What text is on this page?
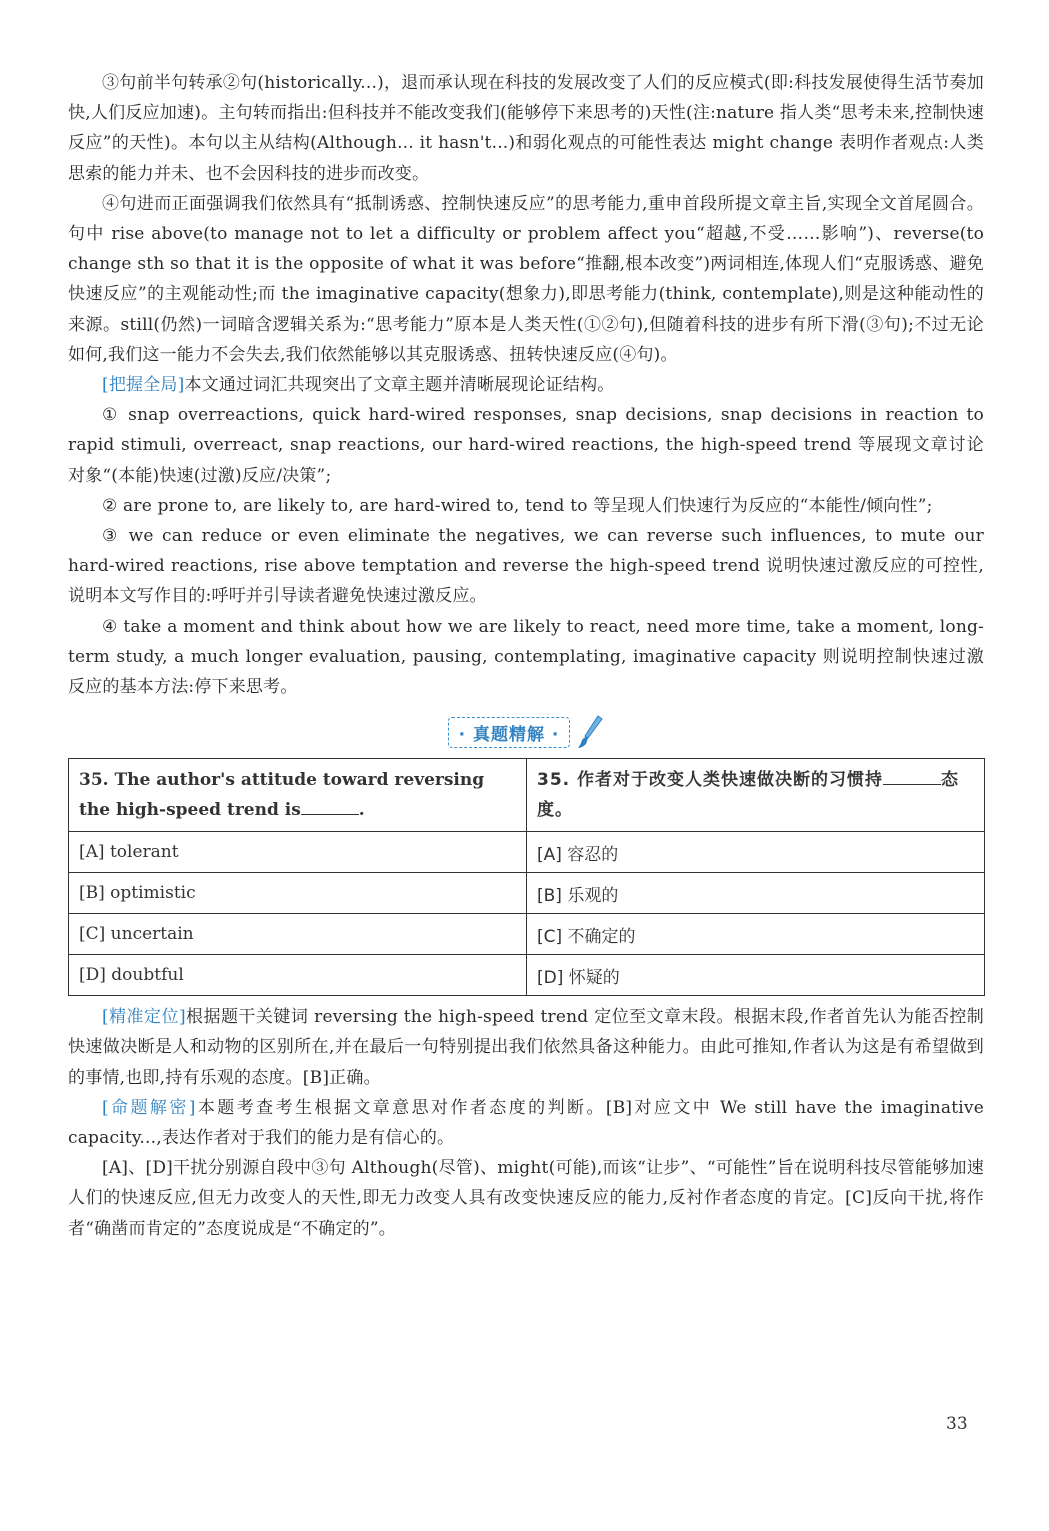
③句前半句转承②句(historically...)，退而承认现在科技的发展改变了人们的反应模式(即:科技发展使得生活节奏加快,人们反应加速)。主句转而指出:但科技并不能改变我们(能够停下来思考的)天性(注:nature 指人类“思考未来,控制快速反应”的天性)。本句以主从结构(Although... it hasn't...)和弱化观点的可能性表达 might change 表明作者观点:人类思索的能力并未、也不会因科技的进步而改变。

④句进而正面强调我们依然具有“抵制诱惑、控制快速反应”的思考能力,重申首段所提文章主旨,实现全文首尾圆合。句中 rise above(to manage not to let a difficulty or problem affect you“超越,不受……影响”)、reverse(to change sth so that it is the opposite of what it was before“推翻,根本改变”)两词相连,体现人们“克服诱惑、避免快速反应”的主观能动性;而 the imaginative capacity(想象力),即思考能力(think, contemplate),则是这种能动性的来源。still(仍然)一词暗含逻辑关系为:“思考能力”原本是人类天性(①②句),但随着科技的进步有所下滑(③句);不过无论如何,我们这一能力不会失去,我们依然能够以其克服诱惑、扭转快速反应(④句)。

[把握全局]本文通过词汇共现突出了文章主题并清晰展现论证结构。

① snap overreactions, quick hard-wired responses, snap decisions, snap decisions in reaction to rapid stimuli, overreact, snap reactions, our hard-wired reactions, the high-speed trend 等展现文章讨论对象“(本能)快速(过激)反应/决策”;

② are prone to, are likely to, are hard-wired to, tend to 等呈现人们快速行为反应的“本能性/倾向性”;

③ we can reduce or even eliminate the negatives, we can reverse such influences, to mute our hard-wired reactions, rise above temptation and reverse the high-speed trend 说明快速过激反应的可控性,说明本文写作目的:呼吁并引导读者避免快速过激反应。

④ take a moment and think about how we are likely to react, need more time, take a moment, long-term study, a much longer evaluation, pausing, contemplating, imaginative capacity 则说明控制快速过激反应的基本方法:停下来思考。

· 真题精解 ·
35. The author's attitude toward reversing the high-speed trend is .	35. 作者对于改变人类快速做决断的习惯持 态度。
[A] tolerant	[A] 容忍的
[B] optimistic	[B] 乐观的
[C] uncertain	[C] 不确定的
[D] doubtful	[D] 怀疑的

[精准定位]根据题干关键词 reversing the high-speed trend 定位至文章末段。根据末段,作者首先认为能否控制快速做决断是人和动物的区别所在,并在最后一句特别提出我们依然具备这种能力。由此可推知,作者认为这是有希望做到的事情,也即,持有乐观的态度。[B]正确。

[命题解密]本题考查考生根据文章意思对作者态度的判断。[B]对应文中 We still have the imaginative capacity...,表达作者对于我们的能力是有信心的。

[A]、[D]干扰分别源自段中③句 Although(尽管)、might(可能),而该“让步”、“可能性”旨在说明科技尽管能够加速人们的快速反应,但无力改变人的天性,即无力改变人具有改变快速反应的能力,反衬作者态度的肯定。[C]反向干扰,将作者“确凿而肯定的”态度说成是“不确定的”。

33
